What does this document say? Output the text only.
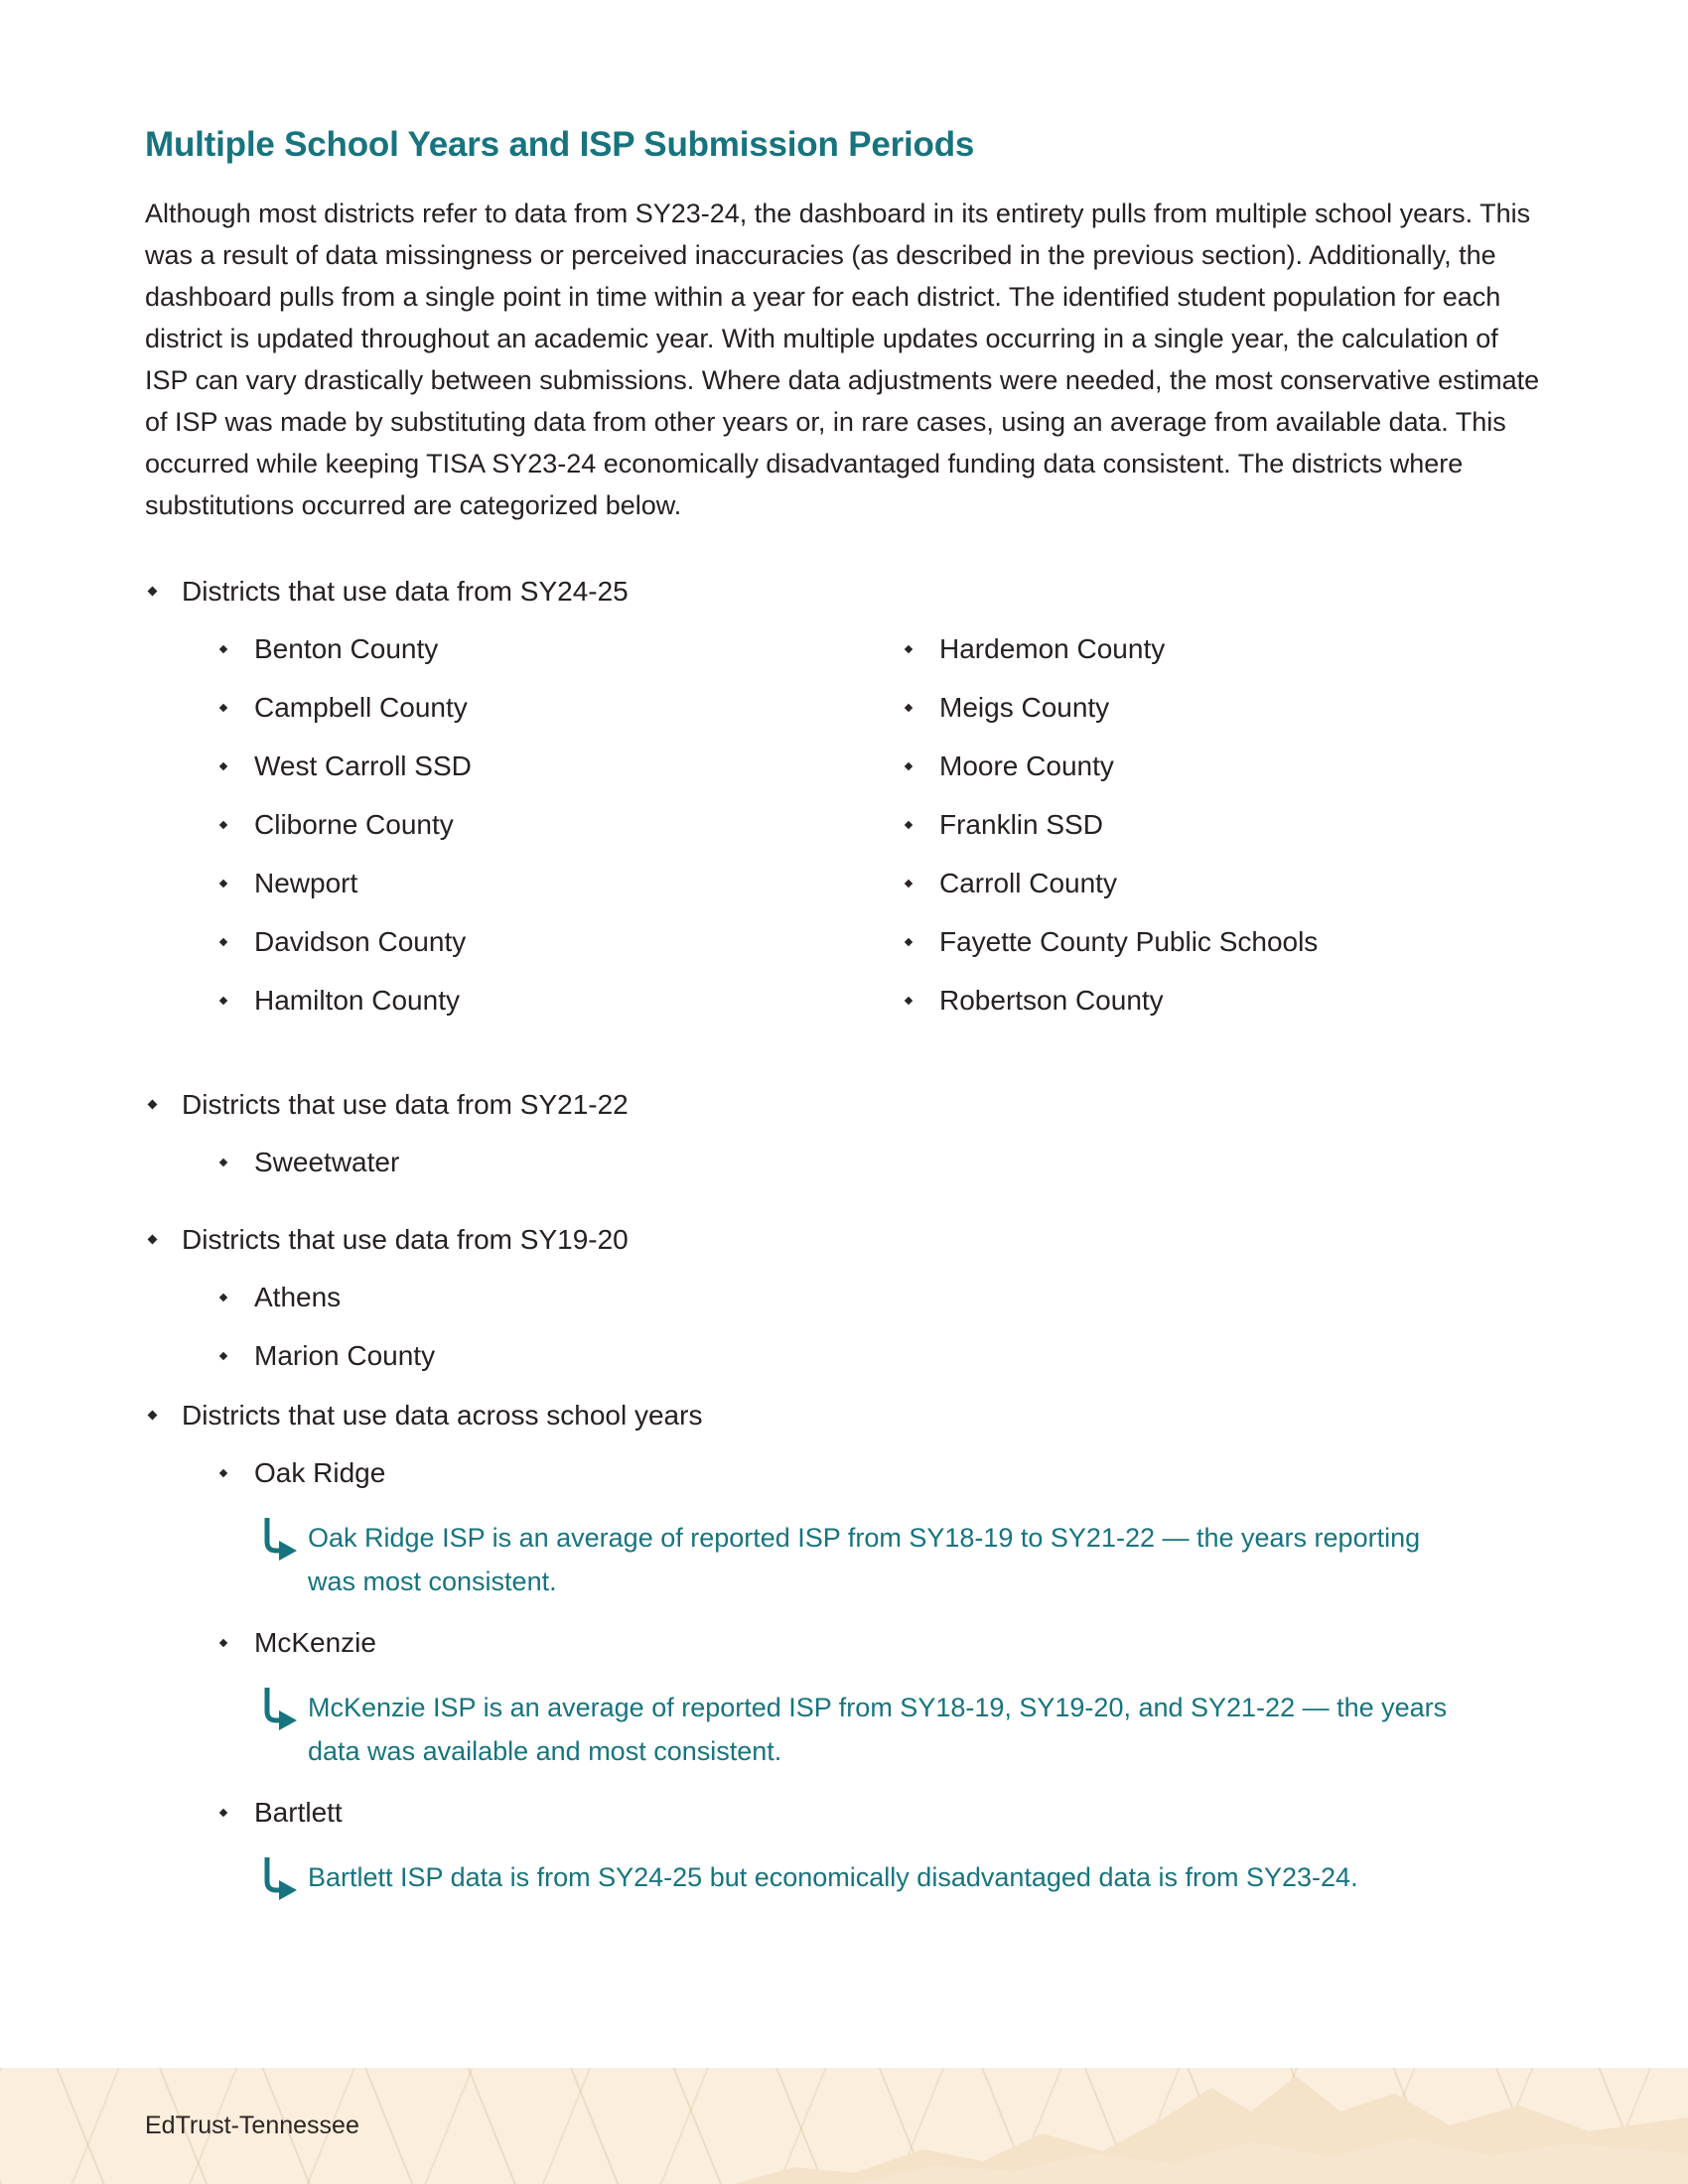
Multiple School Years and ISP Submission Periods

Although most districts refer to data from SY23-24, the dashboard in its entirety pulls from multiple school years. This was a result of data missingness or perceived inaccuracies (as described in the previous section). Additionally, the dashboard pulls from a single point in time within a year for each district. The identified student population for each district is updated throughout an academic year. With multiple updates occurring in a single year, the calculation of ISP can vary drastically between submissions. Where data adjustments were needed, the most conservative estimate of ISP was made by substituting data from other years or, in rare cases, using an average from available data. This occurred while keeping TISA SY23-24 economically disadvantaged funding data consistent. The districts where substitutions occurred are categorized below.

Districts that use data from SY24-25
Benton County
Campbell County
West Carroll SSD
Cliborne County
Newport
Davidson County
Hamilton County
Hardemon County
Meigs County
Moore County
Franklin SSD
Carroll County
Fayette County Public Schools
Robertson County
Districts that use data from SY21-22
Sweetwater
Districts that use data from SY19-20
Athens
Marion County
Districts that use data across school years
Oak Ridge
Oak Ridge ISP is an average of reported ISP from SY18-19 to SY21-22 — the years reporting was most consistent.
McKenzie
McKenzie ISP is an average of reported ISP from SY18-19, SY19-20, and SY21-22 — the years data was available and most consistent.
Bartlett
Bartlett ISP data is from SY24-25 but economically disadvantaged data is from SY23-24.
EdTrust-Tennessee
